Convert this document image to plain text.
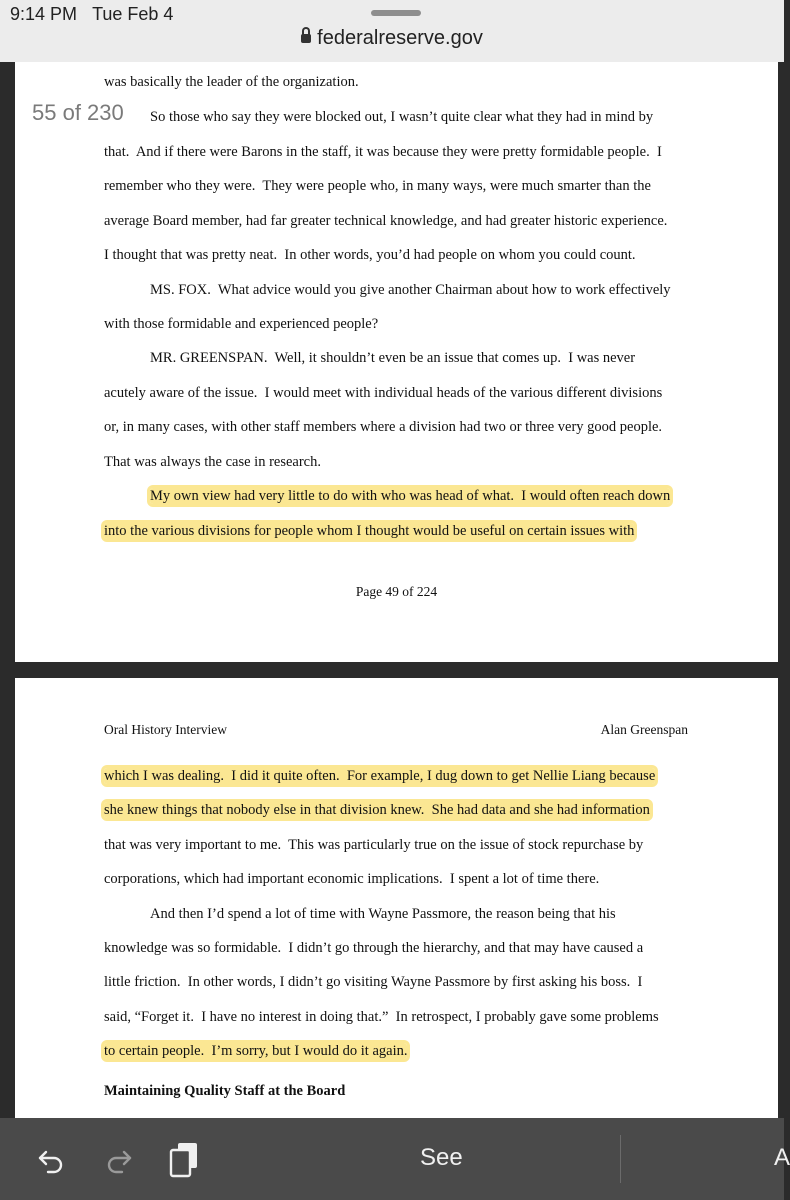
9:14 PM Tue Feb 4
federalreserve.gov
was basically the leader of the organization.
So those who say they were blocked out, I wasn’t quite clear what they had in mind by
that.  And if there were Barons in the staff, it was because they were pretty formidable people.  I
remember who they were.  They were people who, in many ways, were much smarter than the
average Board member, had far greater technical knowledge, and had greater historic experience.
I thought that was pretty neat.  In other words, you’d had people on whom you could count.
MS. FOX.  What advice would you give another Chairman about how to work effectively
with those formidable and experienced people?
MR. GREENSPAN.  Well, it shouldn’t even be an issue that comes up.  I was never
acutely aware of the issue.  I would meet with individual heads of the various different divisions
or, in many cases, with other staff members where a division had two or three very good people.
That was always the case in research.
My own view had very little to do with who was head of what.  I would often reach down
into the various divisions for people whom I thought would be useful on certain issues with
Page 49 of 224
55 of 230
Oral History Interview	Alan Greenspan
which I was dealing.  I did it quite often.  For example, I dug down to get Nellie Liang because
she knew things that nobody else in that division knew.  She had data and she had information
that was very important to me.  This was particularly true on the issue of stock repurchase by
corporations, which had important economic implications.  I spent a lot of time there.
And then I’d spend a lot of time with Wayne Passmore, the reason being that his
knowledge was so formidable.  I didn’t go through the hierarchy, and that may have caused a
little friction.  In other words, I didn’t go visiting Wayne Passmore by first asking his boss.  I
said, “Forget it.  I have no interest in doing that.”  In retrospect, I probably gave some problems
to certain people.  I’m sorry, but I would do it again.
Maintaining Quality Staff at the Board
See	A
